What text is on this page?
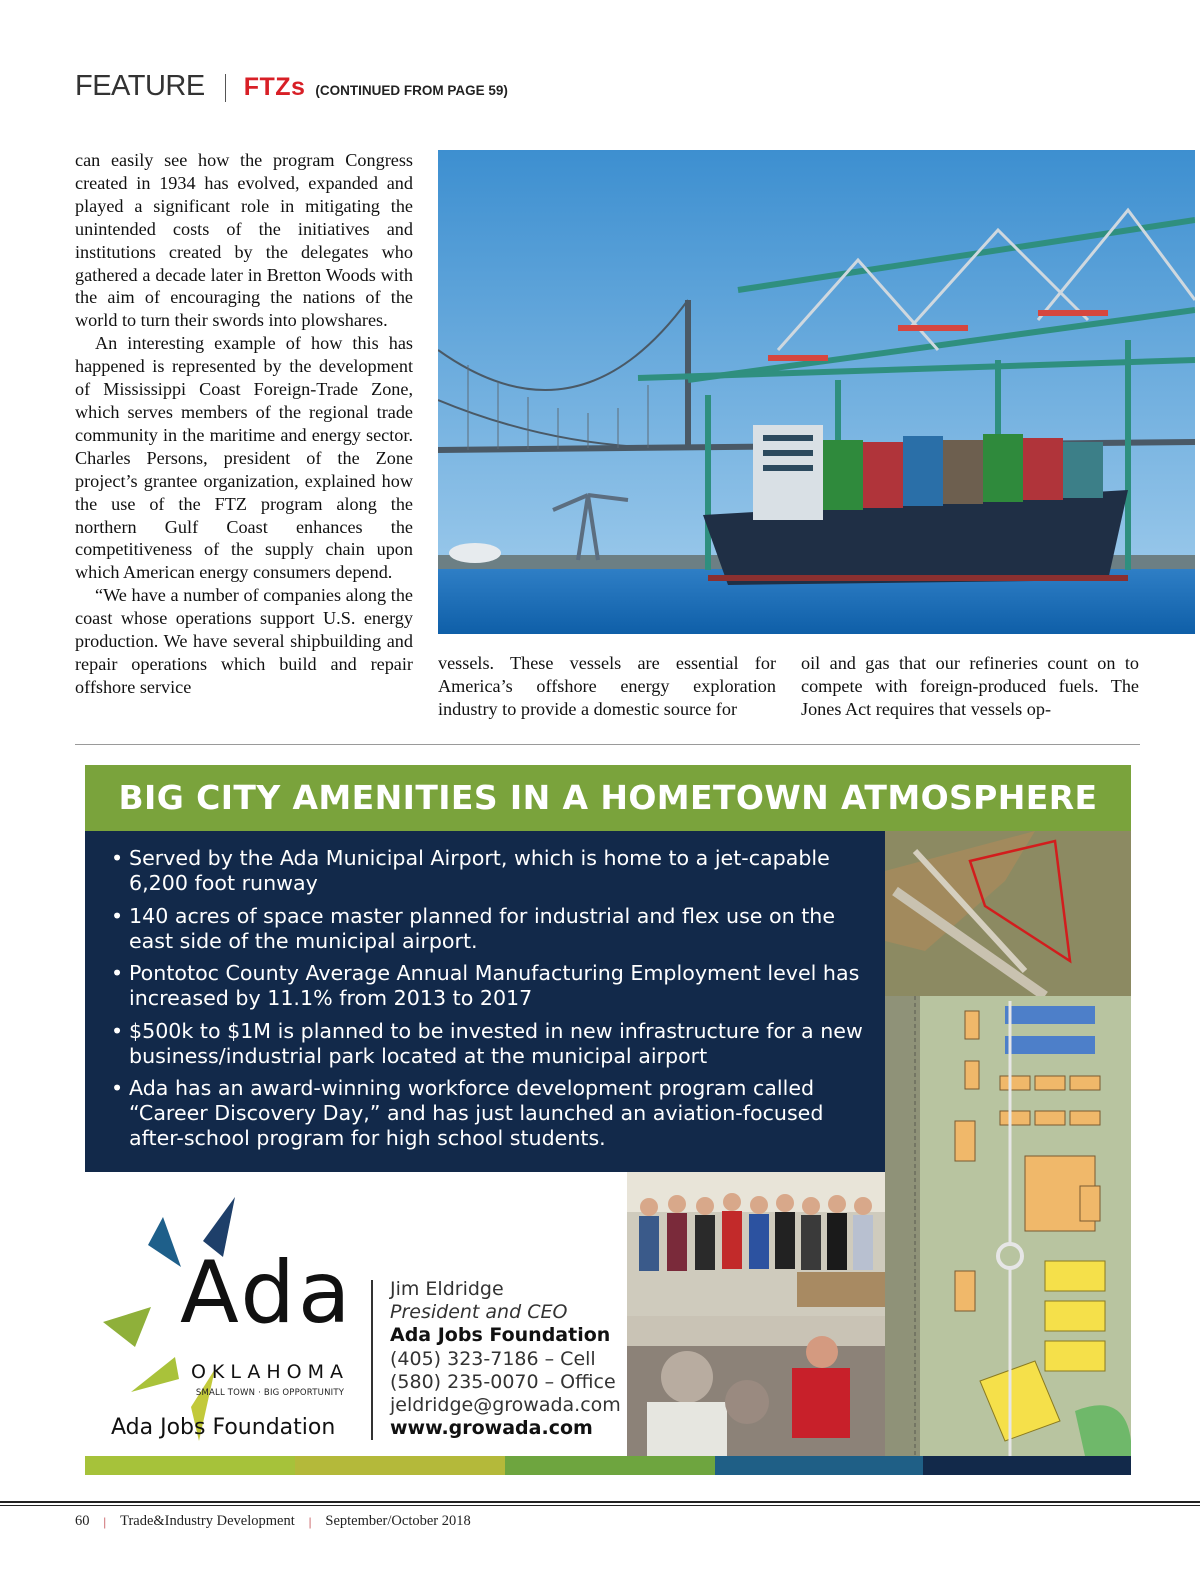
FEATURE FTZs (CONTINUED FROM PAGE 59)

can easily see how the program Congress created in 1934 has evolved, expanded and played a significant role in mitigating the unintended costs of the initiatives and institutions created by the delegates who gathered a decade later in Bretton Woods with the aim of encouraging the nations of the world to turn their swords into plowshares.

An interesting example of how this has happened is represented by the development of Mississippi Coast Foreign-Trade Zone, which serves members of the regional trade community in the maritime and energy sector. Charles Persons, president of the Zone project’s grantee organization, explained how the use of the FTZ program along the northern Gulf Coast enhances the competitiveness of the supply chain upon which American energy consumers depend.

“We have a number of companies along the coast whose operations support U.S. energy production. We have several shipbuilding and repair operations which build and repair offshore service

vessels. These vessels are essential for America’s offshore energy exploration industry to provide a domestic source for

oil and gas that our refineries count on to compete with foreign-produced fuels. The Jones Act requires that vessels op-

BIG CITY AMENITIES IN A HOMETOWN ATMOSPHERE
• Served by the Ada Municipal Airport, which is home to a jet-capable 6,200 foot runway
• 140 acres of space master planned for industrial and flex use on the east side of the municipal airport.
• Pontotoc County Average Annual Manufacturing Employment level has increased by 11.1% from 2013 to 2017
• $500k to $1M is planned to be invested in new infrastructure for a new business/industrial park located at the municipal airport
• Ada has an award-winning workforce development program called “Career Discovery Day,” and has just launched an aviation-focused after-school program for high school students.
Ada
OKLAHOMA
SMALL TOWN · BIG OPPORTUNITY
Ada Jobs Foundation
Jim Eldridge
President and CEO
Ada Jobs Foundation
(405) 323-7186 – Cell
(580) 235-0070 – Office
jeldridge@growada.com
www.growada.com
60 | Trade&Industry Development | September/October 2018
